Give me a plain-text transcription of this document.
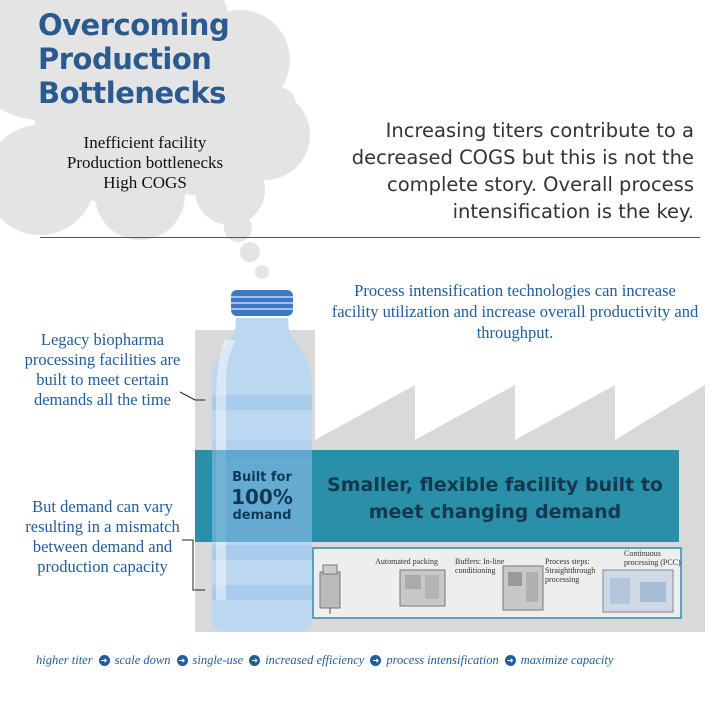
Overcoming Production Bottlenecks
Inefficient facility
Production bottlenecks
High COGS
Increasing titers contribute to a decreased COGS but this is not the complete story. Overall process intensification is the key.
Process intensification technologies can increase facility utilization and increase overall productivity and throughput.
Legacy biopharma processing facilities are built to meet certain demands all the time
But demand can vary resulting in a mismatch between demand and production capacity
Built for
100%
demand
Smaller, flexible facility built to meet changing demand
Automated packing Buffers: In-line conditioning
Process steps: Straightthrough processing
Continuous processing (PCC)
higher titer ➜ scale down ➜ single-use ➜ increased efficiency ➜ process intensification ➜ maximize capacity
